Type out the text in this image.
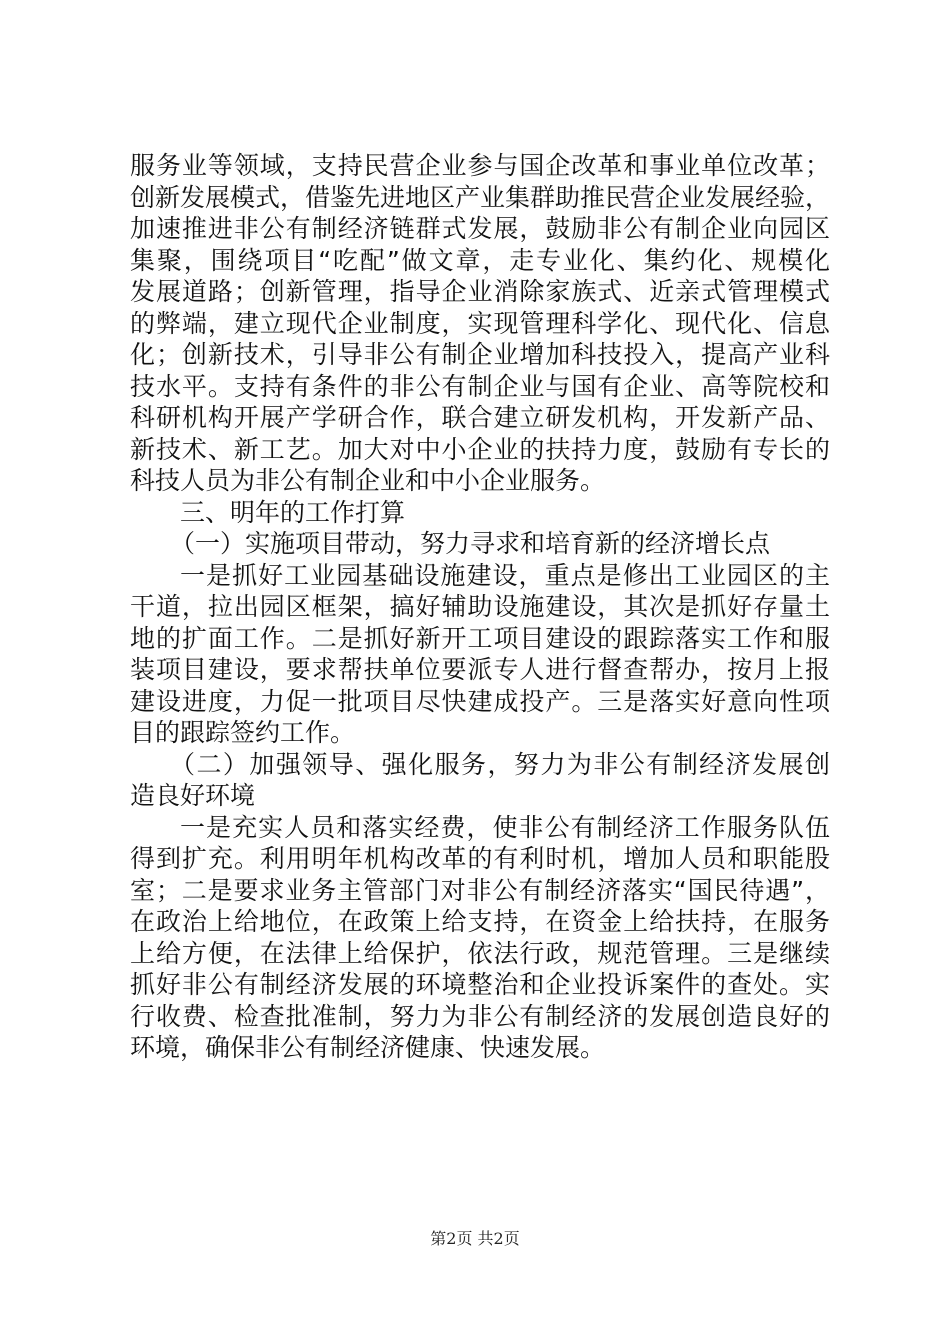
服务业等领域，支持民营企业参与国企改革和事业单位改革；
创新发展模式，借鉴先进地区产业集群助推民营企业发展经验，
加速推进非公有制经济链群式发展，鼓励非公有制企业向园区
集聚，围绕项目“吃配”做文章，走专业化、集约化、规模化
发展道路；创新管理，指导企业消除家族式、近亲式管理模式
的弊端，建立现代企业制度，实现管理科学化、现代化、信息
化；创新技术，引导非公有制企业增加科技投入，提高产业科
技水平。支持有条件的非公有制企业与国有企业、高等院校和
科研机构开展产学研合作，联合建立研发机构，开发新产品、
新技术、新工艺。加大对中小企业的扶持力度，鼓励有专长的
科技人员为非公有制企业和中小企业服务。
三、明年的工作打算
（一）实施项目带动，努力寻求和培育新的经济增长点
一是抓好工业园基础设施建设，重点是修出工业园区的主
干道，拉出园区框架，搞好辅助设施建设，其次是抓好存量土
地的扩面工作。二是抓好新开工项目建设的跟踪落实工作和服
装项目建设，要求帮扶单位要派专人进行督查帮办，按月上报
建设进度，力促一批项目尽快建成投产。三是落实好意向性项
目的跟踪签约工作。
（二）加强领导、强化服务，努力为非公有制经济发展创
造良好环境
一是充实人员和落实经费，使非公有制经济工作服务队伍
得到扩充。利用明年机构改革的有利时机，增加人员和职能股
室；二是要求业务主管部门对非公有制经济落实“国民待遇”，
在政治上给地位，在政策上给支持，在资金上给扶持，在服务
上给方便，在法律上给保护，依法行政，规范管理。三是继续
抓好非公有制经济发展的环境整治和企业投诉案件的查处。实
行收费、检查批准制，努力为非公有制经济的发展创造良好的
环境，确保非公有制经济健康、快速发展。
第2页 共2页
